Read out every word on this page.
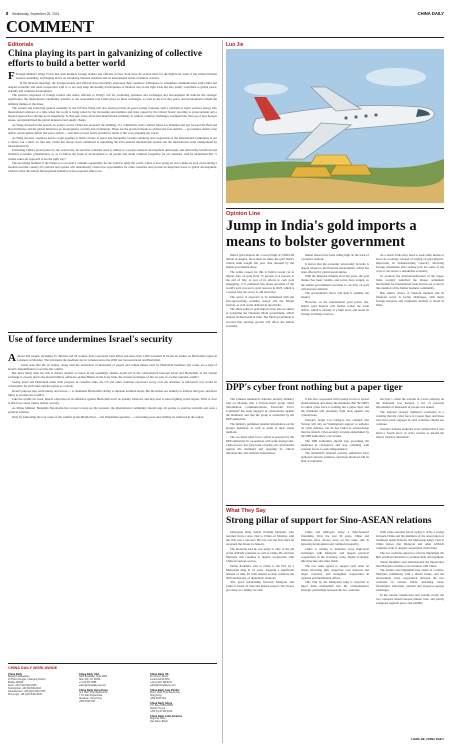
8 Wednesday, September 25, 2024
COMMENT
CHINA DAILY
Editorials
China playing its part in galvanizing of collective efforts to build a better world

F Foreign Minister Wang Yi has met with multiple foreign leaders and officials in New York since he arrived there for the high-level week of the United Nations General Assembly, exchanging views on advancing bilateral relations and on international issues of mutual concern.

In the bilateral meetings, the foreign leaders and officials have invariably expressed their countries' willingness to strengthen communication with China and deepen economic and trade cooperation with it, to not only keep the healthy development of bilateral ties on the right track but also jointly contribute to global peace, stability and common development.

The positive responses of foreign leaders and senior officials to Wang's call for promoting openness and exchanges and development all indicate the strategic significance the international community attaches to the responsible role China plays in these exchanges, as well as the fact that peace and development remain the defining themes of the times.

The session and following general assembly of the UN that Wang will also attend provide all peace-loving countries with a platform to inject positive energy into international relations at a time when the world is being roiled by the increasing uncertainties and risks caused by the United States' resorting to protectionism and a bigoted approach to shoring up its hegemony. To this end, it has advocated international solidarity to address common challenges, instigated the flare-up of new hotspot issues, and destabilized the global industrial and supply chains.

As Wang stressed in his speech, in today's world, China has proposed the building of a community with a shared future for mankind and put forward the Belt and Road Initiative and the global initiatives on development, security and civilization. These are the practical means to address the four deficits — governance deficit, trust deficit, development deficit and peace deficit — that have proved fertile ground for much of the woes plaguing the world.

As Wang stressed, countries need to work together to build a future of peace and tranquility. Greater solidarity and cooperation of the international community is not a choice, but a must. To that end, China has always been committed to upholding the UN-centered international system and the international order underpinned by international law.

Promoting China's prescription for the world's ills, he said that countries need to adhere to a people-centered development philosophy and universally beneficial and inclusive economic globalization, so as to deliver the fruits of development to all people and attain common prosperity for all countries. And he underlined that "a winner-takes-all approach is not the right way".

The upcoming Summit of the Future is to provide a valuable opportunity for the world to unify the world. China is now going all out to make its goal of becoming a modern socialist country. Its policies and actions will undoubtedly create new opportunities for other countries and provide an important boost to global development, which is what the Global Development Initiative it has proposed aims to do.

Use of force undermines Israel's security

A About 492 people, including 35 children and 58 women, have reportedly been killed and more than 1,600 wounded in Israeli air strikes on Hezbollah targets in Lebanon on Monday. The toll marks the deadliest day in Lebanon since the 2006 war between Israel and Hezbollah.

Some state that the air strikes, along with the explosions of thousands of pagers and walkie-talkies used by Hezbollah members last week, are a sign of Israel's determination to escalate the conflict.

But more likely than not this is merely another occasion in the seemingly endless death toll in the confrontation between Israel and Hezbollah, as the violent exchange is closely tied to the Israeli military offensive against Hamas in the Gaza Strip, the current exchanges of fire are part of a wider regional conflict.

Seeing Israel and Hezbollah make little progress in ceasefire talks, the US and other countries expressed worry over the situation. A full-blown war would be catastrophic for both sides and the region as a whole.

Israel's purpose may seem murky and severe — to dismantle Hezbollah's ability to threaten northern Israel. But the strikes are unlikely to achieve that goal, and more likely to escalate the conflict.

Like the conflict in Gaza, Israel's objectives in its offensive against Hezbollah won't be quickly achieved, and may lead to more fighting in the region. What is clear is that force alone cannot deliver security.

As Prime Minister Benjamin Netanyahu has vowed to keep up the pressure, the international community should urge all parties to exercise restraint and seek a political solution.

Only by addressing the root cause of the conflict in the Middle East — the Palestinian question — can lasting peace and stability be achieved in the region.

CHINA DAILY WORLDWIDE
China Daily
Beijing Headquarters
15 Huixin Dongjie, Chaoyang District
Beijing 100029
News: +86 (0)10 6491-8366
Subscription: +86 400-699-0203
Advertisement: +86 (0)10 6491-0736
Phone app: +86 (0)10 6491-8633
China Daily USA
1500 Broadway, Suite 2800
New York, NY 10036
+1 212 537 8888
editor@chinadailyusa.com
China Daily Hong Kong
Unit 1818, Hing Wai Centre
7 Tin Wan Praya Road
Aberdeen, Hong Kong
+852 2518 5111
China Daily UK
90 Cannon Street
London EC4N 6HA
+44 (0) 207 398 8270
editor@chinadailyuk.com
China Daily Asia Pacific
Room 1818, Hing Wai Centre
Hong Kong
+852 2518 5111
China Daily Africa
P.O. Box 27281-00506
Nairobi, Kenya
+254 (0) 20 522 2219
China Daily Latin America
Regional Office
Sao Paulo, Brazil
Luo Jie
Opinion Line
Jump in India's gold imports a means to bolster government

India's gold imports hit a record high of US$10.06 billion in August, more than six times the gold India's central bank bought last year, data released by the Indian government show.

The prime reason for this is India's recent cut in import duty on gold from 15 percent to 6 percent at the end of July, as part of its efforts to curb gold smuggling. It is estimated that about one-third of the world's gold was put to gold reserves in 2023, which is a reason why the sector is still attractive.

The sector is expected to be stimulated with the fast-approaching wedding season and the Diwali festival, as well as the demand in rural India.

The sharp jump in gold imports may also be aimed at bolstering the Narendra Modi government, which entered its third term in June. The Modi government is worried that slowing growth will affect the Indian economy.

Indian shares have been riding high on the back of a positive outlook.

It shows that the economic uncertainty in India is deeply related to the financial environment, which has been affected by global uncertainties.

With the financial markets in recent years, the gold market has been volatile, and prices have surged, so the Indian government's decision to cut duty on gold will increase demand.

The government's move will help it stabilize the market.

However, as the international gold prices rise, India's gold imports will further widen the trade deficit, which is already at a high level, and strain its foreign exchange reserves.

As a result, India may need to seek other means to boost its economy, instead of relying on gold imports. Improving its manufacturing capacity, attracting foreign investment and creating jobs are some of the ways it can secure a sustainable economy.

To promote the internationalization of the rupee, India recently launched the Rupee settlement mechanism for international trade but has yet to attract the attention of the Indian business community.

But, India's choice of Western markets and its financial sector is facing challenges, with many foreign investors and companies hesitant to invest in India.

DPP's cyber front nothing but a paper tiger

The Chinese mainland's national security ministry said on Monday that a Taiwan-based group called 'Information, Communications, Electronic Force Command' has been engaged in cyberattacks against the mainland, and that the group is controlled by the DPP authorities.

The ministry published detailed information on the group's members, as well as some of their attack methods.

The so-called cyber force, which is operated by the DPP authorities in cooperation with some foreign anti-China forces, has long been carrying out cyberattacks against the mainland and targeting its critical infrastructure and sensitive information.

It has also cooperated with foreign forces to spread disinformation and smear the mainland. But the DPP's so-called cyber force is nothing but a paper tiger, and the mainland will resolutely fight back against any cyberattacks.

Taiwan's leader Lai Ching-te has claimed that Taiwan will rely on Washington's support to enhance its cyber defense, but he has failed to acknowledge that the island's cyber-security is being undermined by the DPP authorities' own actions.

The DPP authorities should stop provoking the mainland in cyberspace and stop colluding with external forces to seek 'independence'.

The mainland's national security authorities have gathered concrete evidence, and those involved will be held accountable.

On Sept 1, when the website of a tech company on the mainland was hacked, a list of personal information of thousands of people was leaked.

The national security ministry's revelation is a warning that the cyber force is a paper tiger, and those who have been engaged in such activities should not continue.

Taiwan's defense authority even claimed that it will build a 'fourth force' of cyber warfare to defend the island, which is unrealistic.

What They Say
Strong pillar of support for Sino-ASEAN relations

Malaysian King Sultan Ibrahim Iskandar, who returned from a state visit to China on Monday, said the visit was a 'success'. His trip was the first since he ascended the throne in January.

The monarch said he was ready to rally to the aid of the ASEAN countries as well as China. He said that Malaysia will continue to deepen cooperation with China in various sectors.

Sultan Ibrahim's visit to China is the first by a Malaysian king in 10 years. Keeping a significant amount of time for both nations as they celebrate the 50th anniversary of diplomatic relations.

'The good relationship between Malaysia and China is based on trust and mutual respect. We always get along as a family,' he said.

China and Malaysia enjoy a time-honored friendship. Over the past 50 years, China and Malaysia have always been on the same side in pursuing development and common prosperity.

China is willing to maintain close high-level exchanges with Malaysia, and deepen practical cooperation in the economy, trade, digital economy, infrastructure and other fields.

The two sides agreed to support each other on issues involving their respective core interests and major concerns, and strengthen cooperation in regional and multilateral affairs.

This visit by the Malaysian king is expected to inject fresh momentum into the comprehensive strategic partnership between the two countries.

With some external forces trying to drive a wedge between China and the members of the Association of Southeast Asian Nations, the Malaysian king's visit to China shows that Malaysia and other ASEAN countries want to deepen cooperation with China.

The two countries agreed to actively implement the Belt and Road Initiative to promote their development.

Sultan Ibrahim's visit demonstrated the importance that Malaysia attaches to its relations with China.

The leaders also highlighted the vision of a China-Malaysia community with a shared future, and the increasingly close cooperation between the two countries in various fields, including trade, investment, education, tourism and people-to-people exchanges.

In the current complicated and volatile world, the two countries should deepen mutual trust, and jointly safeguard regional peace and stability.

LIANG JIE, CHINA DAILY
